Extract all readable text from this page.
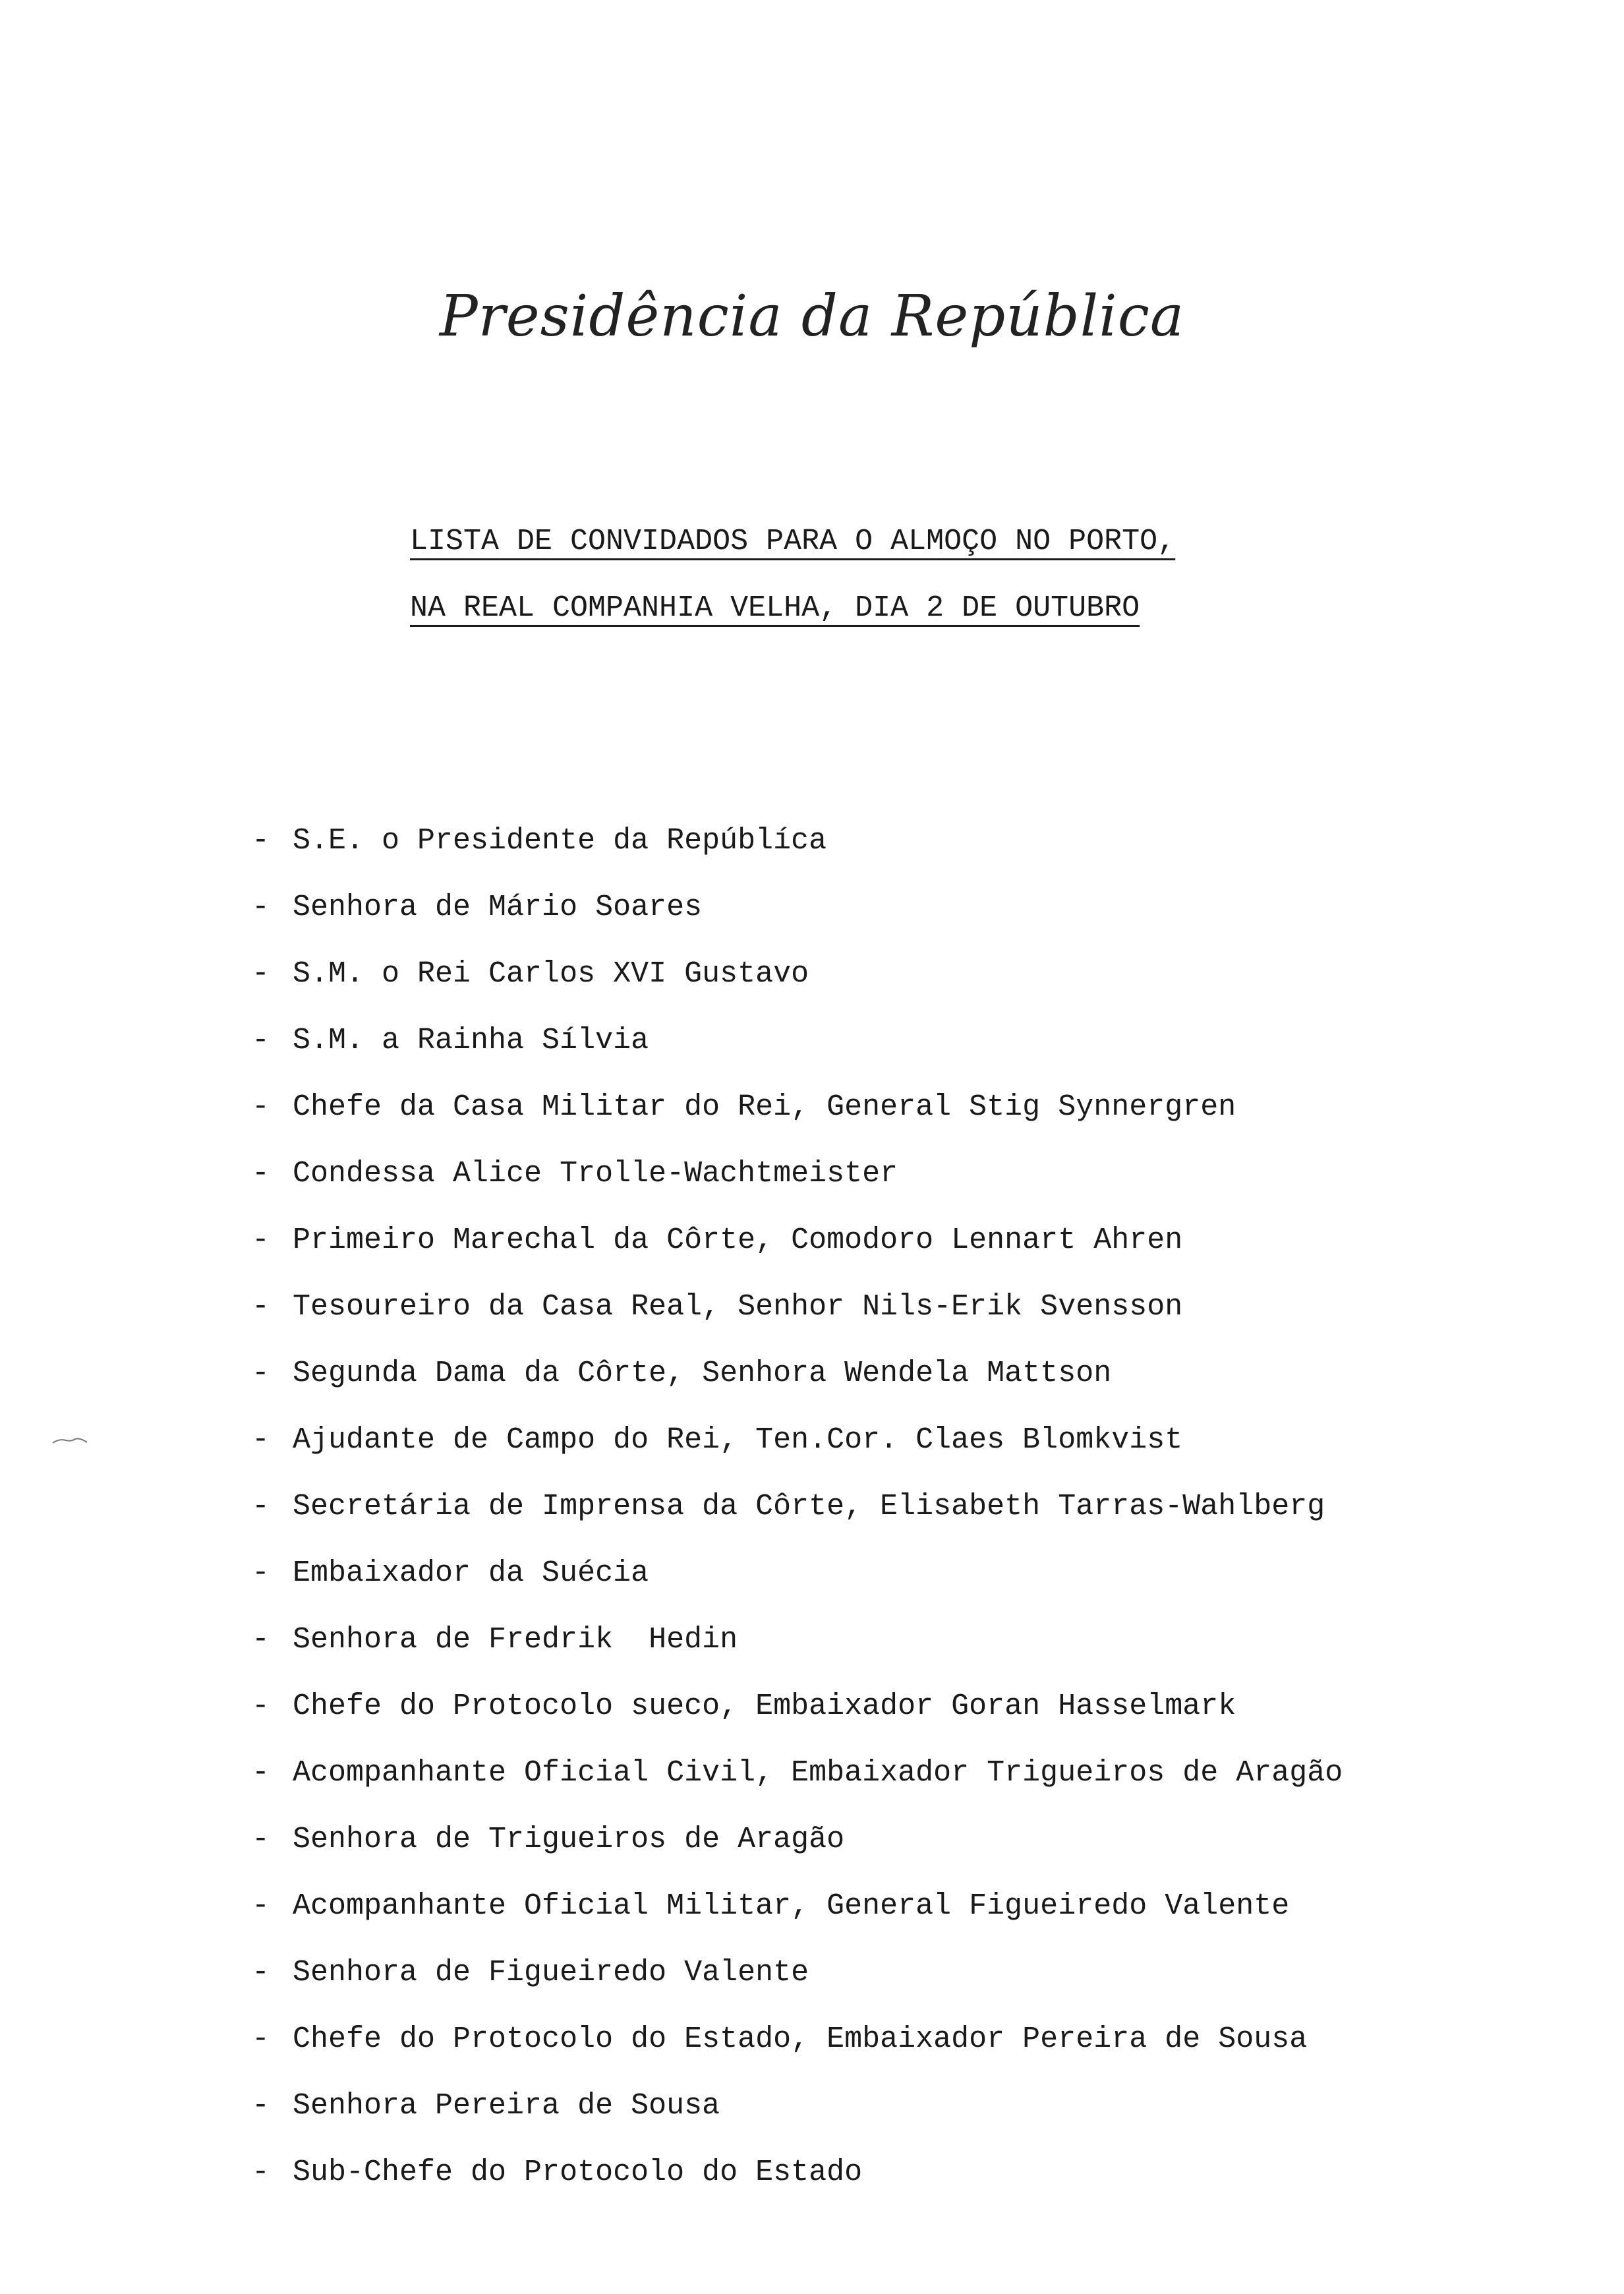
Presidência da República
LISTA DE CONVIDADOS PARA O ALMOÇO NO PORTO,
NA REAL COMPANHIA VELHA, DIA 2 DE OUTUBRO
- S.E. o Presidente da Repúblíca
- Senhora de Mário Soares
- S.M. o Rei Carlos XVI Gustavo
- S.M. a Rainha Sílvia
- Chefe da Casa Militar do Rei, General Stig Synnergren
- Condessa Alice Trolle-Wachtmeister
- Primeiro Marechal da Côrte, Comodoro Lennart Ahren
- Tesoureiro da Casa Real, Senhor Nils-Erik Svensson
- Segunda Dama da Côrte, Senhora Wendela Mattson
- Ajudante de Campo do Rei, Ten.Cor. Claes Blomkvist
- Secretária de Imprensa da Côrte, Elisabeth Tarras-Wahlberg
- Embaixador da Suécia
- Senhora de Fredrik  Hedin
- Chefe do Protocolo sueco, Embaixador Goran Hasselmark
- Acompanhante Oficial Civil, Embaixador Trigueiros de Aragão
- Senhora de Trigueiros de Aragão
- Acompanhante Oficial Militar, General Figueiredo Valente
- Senhora de Figueiredo Valente
- Chefe do Protocolo do Estado, Embaixador Pereira de Sousa
- Senhora Pereira de Sousa
- Sub-Chefe do Protocolo do Estado
